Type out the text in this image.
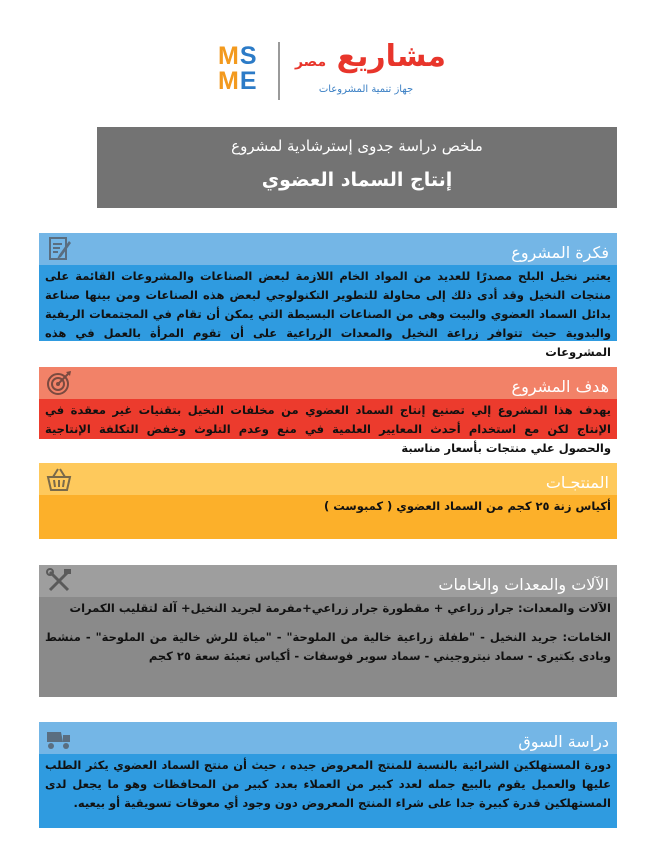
MS
ME
مشاريع مصر
جهاز تنمية المشروعات
ملخص دراسة جدوى إسترشادية لمشروع
إنتاج السماد العضوي
فكرة المشروع
يعتبر نخيل البلح مصدرًا للعديد من المواد الخام اللازمة لبعض الصناعات والمشروعات القائمة على منتجات النخيل وقد أدى ذلك إلى محاولة للتطوير التكنولوجي لبعض هذه الصناعات ومن بينها صناعة بدائل السماد العضوي والبيت وهى من الصناعات البسيطة التي يمكن أن تقام في المجتمعات الريفية والبدوية حيث تتوافر زراعة النخيل والمعدات الزراعية على أن تقوم المرأة بالعمل في هذه المشروعات
هدف المشروع
يهدف هذا المشروع إلي تصنيع إنتاج السماد العضوي من مخلفات النخيل بتقنيات غير معقدة في الإنتاج لكن مع استخدام أحدث المعايير العلمية في منع وعدم التلوث وخفض التكلفة الإنتاجية والحصول علي منتجات بأسعار مناسبة
المنتجـات
أكياس زنة ٢٥ كجم من السماد العضوي ( كمبوست )
الآلات والمعدات والخامات

الآلات والمعدات: جرار زراعي + مقطورة جرار زراعي+مفرمة لجريد النخيل+ آلة لتقليب الكمرات

الخامات: جريد النخيل - "طفلة زراعية خالية من الملوحة" - "مياة للرش خالية من الملوحة" - منشط وبادى بكتيرى - سماد نيتروجيني - سماد سوبر فوسفات - أكياس تعبئة سعة ٢٥ كجم

دراسة السوق
دورة المستهلكين الشرائية بالنسبة للمنتج المعروض جيده ، حيث أن منتج السماد العضوي يكثر الطلب عليها والعميل يقوم بالبيع جمله لعدد كبير من العملاء بعدد كبير من المحافظات وهو ما يجعل لدى المستهلكين قدرة كبيرة جدا على شراء المنتج المعروض دون وجود أي معوقات تسويقية أو بيعيه.
